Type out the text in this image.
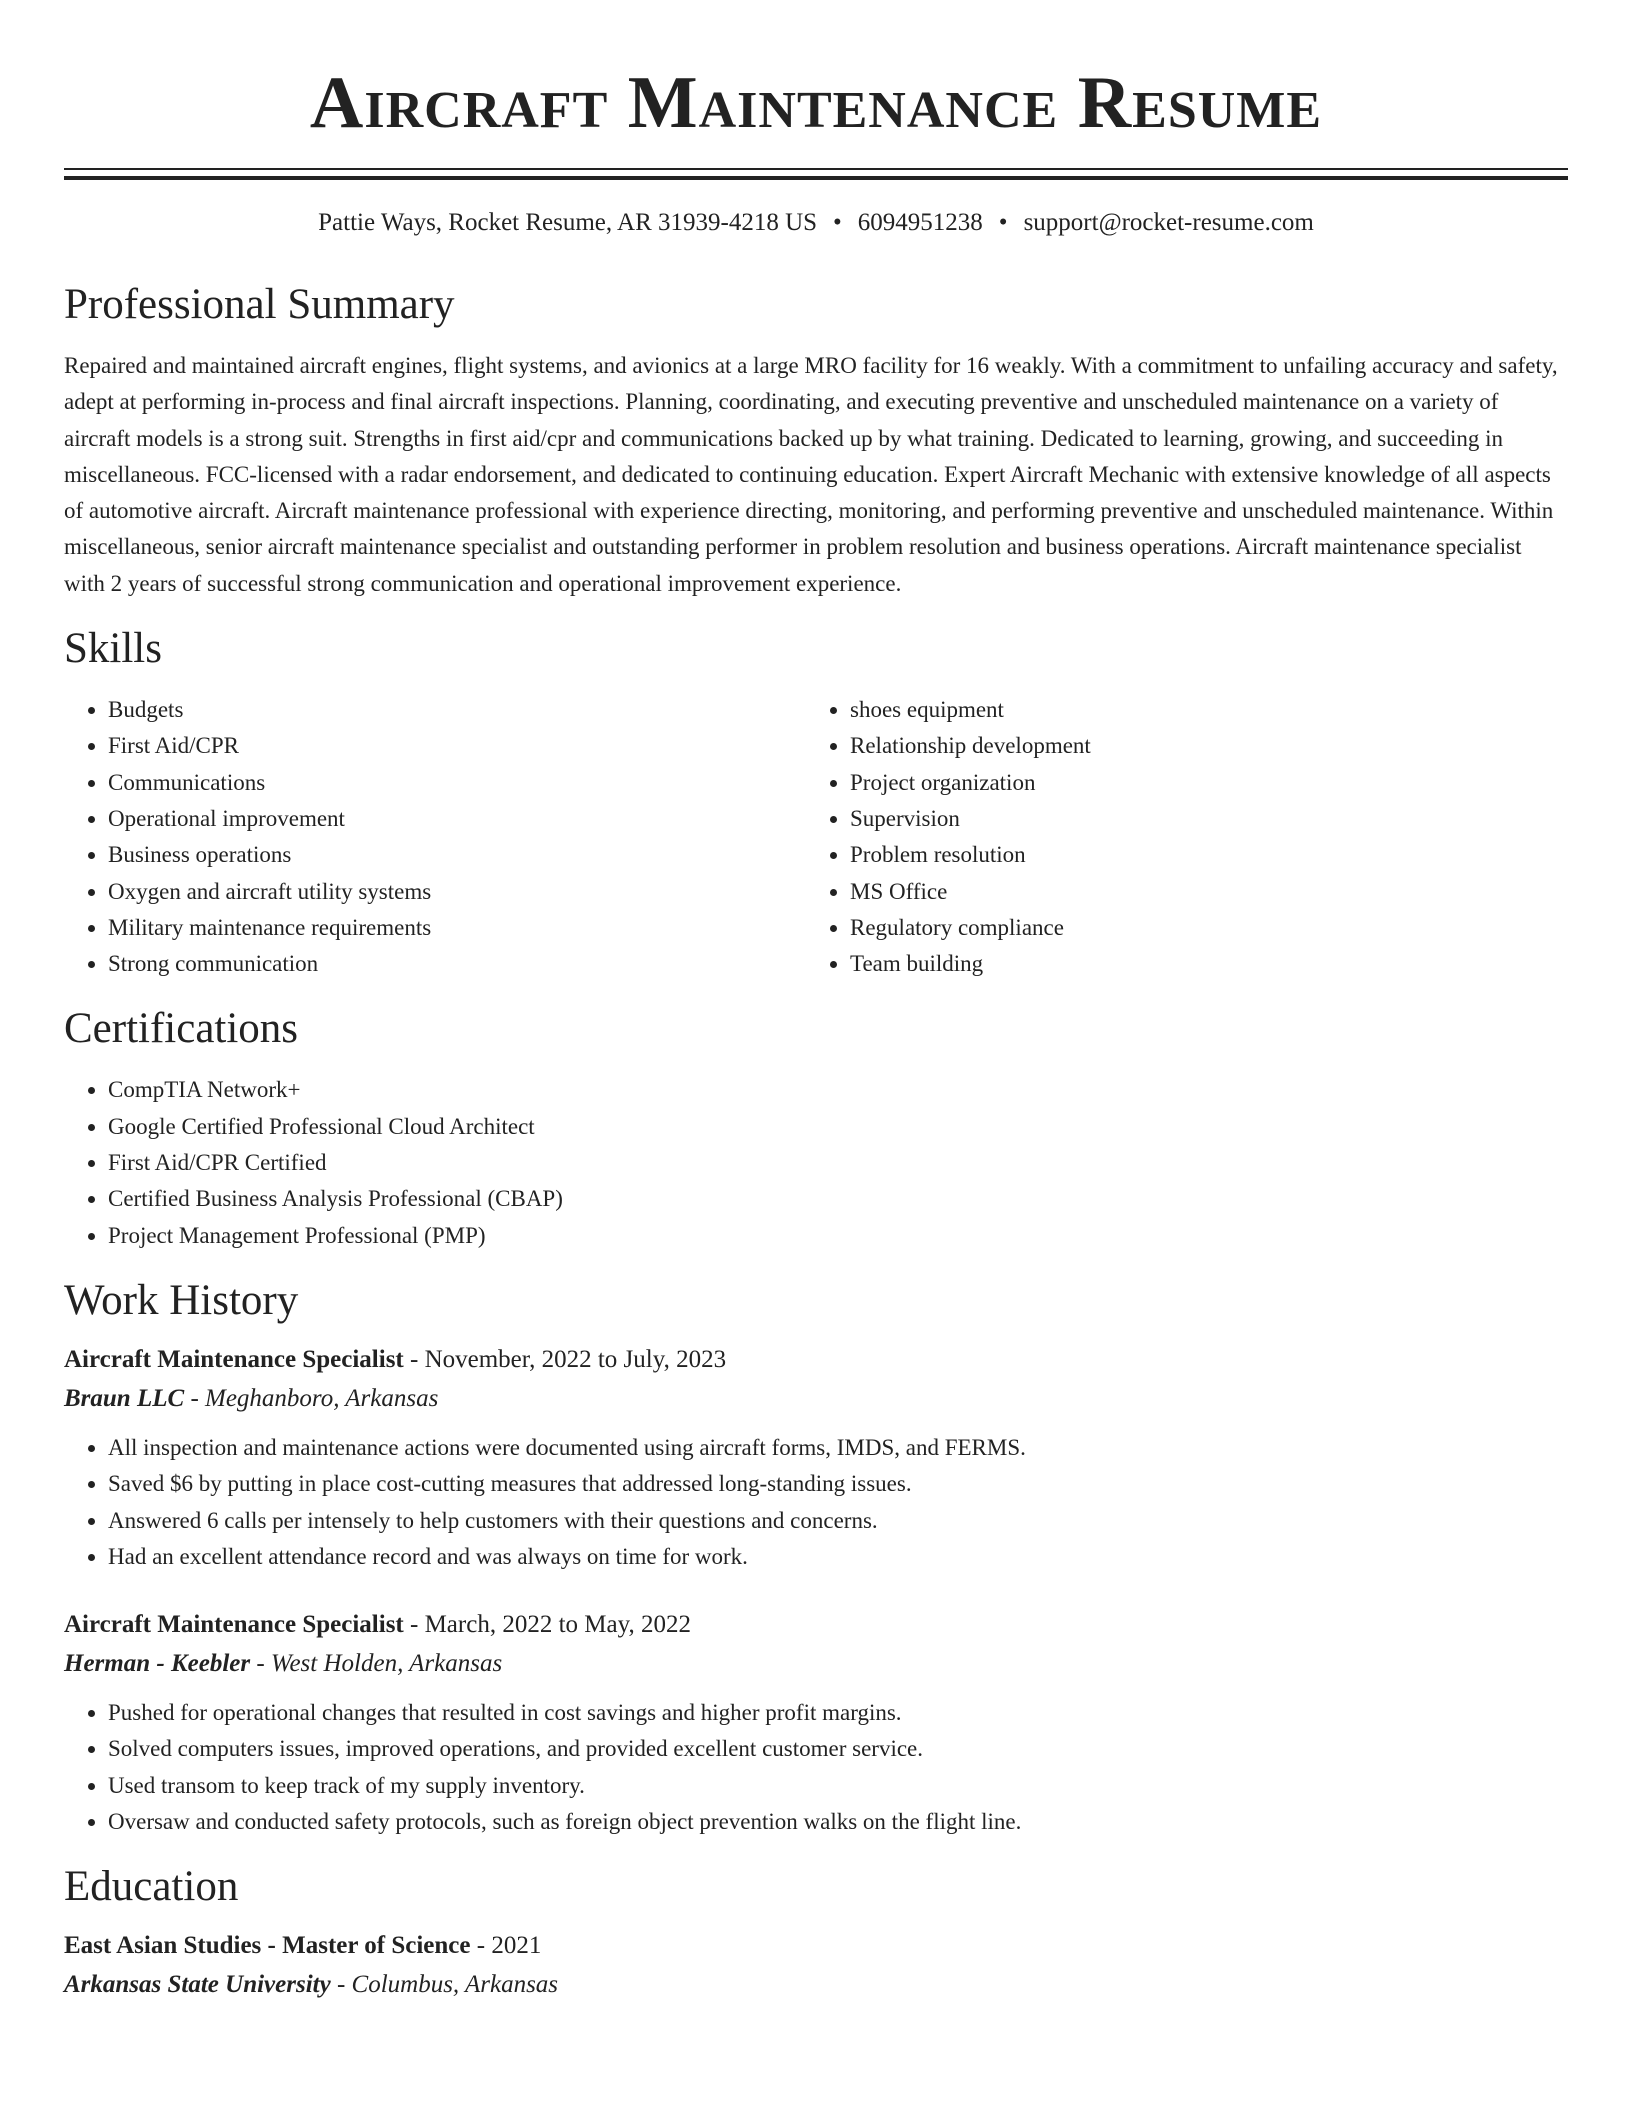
Aircraft Maintenance Resume
Pattie Ways, Rocket Resume, AR 31939-4218 US • 6094951238 • support@rocket-resume.com
Professional Summary

Repaired and maintained aircraft engines, flight systems, and avionics at a large MRO facility for 16 weakly. With a commitment to unfailing accuracy and safety, adept at performing in-process and final aircraft inspections. Planning, coordinating, and executing preventive and unscheduled maintenance on a variety of aircraft models is a strong suit. Strengths in first aid/cpr and communications backed up by what training. Dedicated to learning, growing, and succeeding in miscellaneous. FCC-licensed with a radar endorsement, and dedicated to continuing education. Expert Aircraft Mechanic with extensive knowledge of all aspects of automotive aircraft. Aircraft maintenance professional with experience directing, monitoring, and performing preventive and unscheduled maintenance. Within miscellaneous, senior aircraft maintenance specialist and outstanding performer in problem resolution and business operations. Aircraft maintenance specialist with 2 years of successful strong communication and operational improvement experience.

Skills
• Budgets
• First Aid/CPR
• Communications
• Operational improvement
• Business operations
• Oxygen and aircraft utility systems
• Military maintenance requirements
• Strong communication
• shoes equipment
• Relationship development
• Project organization
• Supervision
• Problem resolution
• MS Office
• Regulatory compliance
• Team building
Certifications
• CompTIA Network+
• Google Certified Professional Cloud Architect
• First Aid/CPR Certified
• Certified Business Analysis Professional (CBAP)
• Project Management Professional (PMP)
Work History
Aircraft Maintenance Specialist - November, 2022 to July, 2023
Braun LLC - Meghanboro, Arkansas
• All inspection and maintenance actions were documented using aircraft forms, IMDS, and FERMS.
• Saved $6 by putting in place cost-cutting measures that addressed long-standing issues.
• Answered 6 calls per intensely to help customers with their questions and concerns.
• Had an excellent attendance record and was always on time for work.
Aircraft Maintenance Specialist - March, 2022 to May, 2022
Herman - Keebler - West Holden, Arkansas
• Pushed for operational changes that resulted in cost savings and higher profit margins.
• Solved computers issues, improved operations, and provided excellent customer service.
• Used transom to keep track of my supply inventory.
• Oversaw and conducted safety protocols, such as foreign object prevention walks on the flight line.
Education
East Asian Studies - Master of Science - 2021
Arkansas State University - Columbus, Arkansas
